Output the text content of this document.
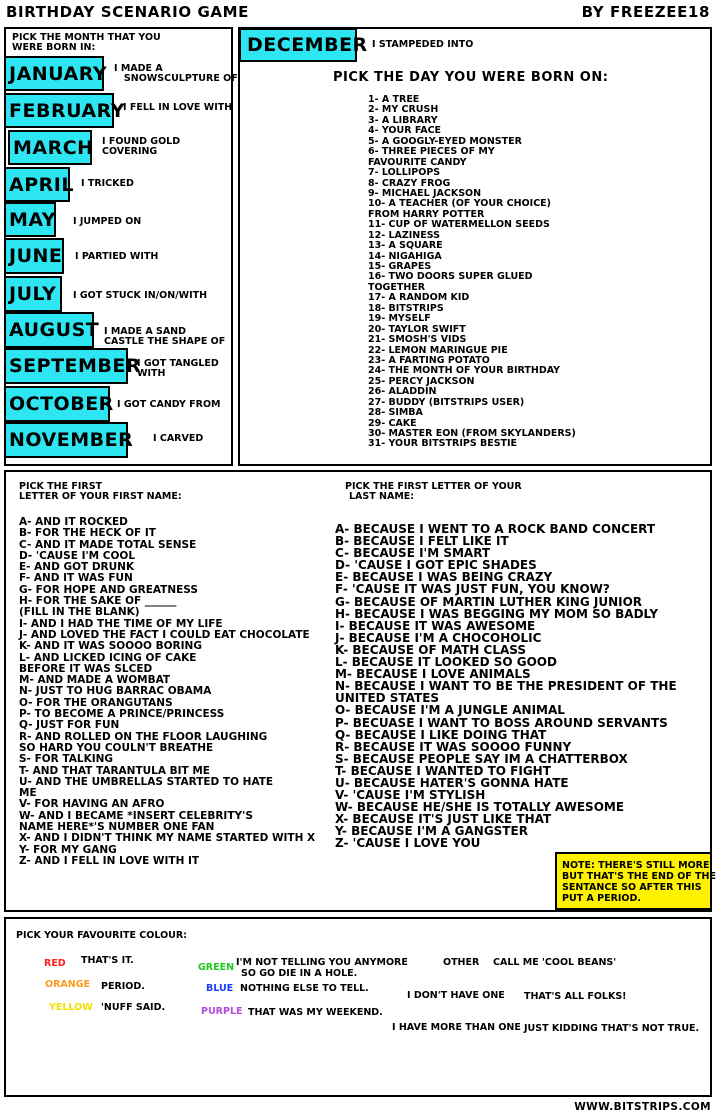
BIRTHDAY SCENARIO GAME	BY FREEZEE18
PICK THE MONTH THAT YOU WERE BORN IN:
JANUARY I MADE A
SNOWSCULPTURE OF
FEBRUARY
I FELL IN LOVE WITH
MARCH I FOUND GOLD
COVERING
APRIL I TRICKED
MAY I JUMPED ON
JUNE I PARTIED WITH
JULY	I GOT STUCK IN/ON/WITH
AUGUST I MADE A SAND
CASTLE THE SHAPE OF
SEPTEMBER
I GOT TANGLED
WITH
OCTOBER I GOT CANDY FROM
NOVEMBER I CARVED
DECEMBER I STAMPEDED INTO
PICK THE DAY YOU WERE BORN ON:
1- A TREE
2- MY CRUSH
3- A LIBRARY
4- YOUR FACE
5- A GOOGLY-EYED MONSTER
6- THREE PIECES OF MY
FAVOURITE CANDY
7- LOLLIPOPS
8- CRAZY FROG
9- MICHAEL JACKSON
10- A TEACHER (OF YOUR CHOICE)
FROM HARRY POTTER
11- CUP OF WATERMELLON SEEDS
12- LAZINESS
13- A SQUARE
14- NIGAHIGA
15- GRAPES
16- TWO DOORS SUPER GLUED
TOGETHER
17- A RANDOM KID
18- BITSTRIPS
19- MYSELF
20- TAYLOR SWIFT
21- SMOSH'S VIDS
22- LEMON MARINGUE PIE
23- A FARTING POTATO
24- THE MONTH OF YOUR BIRTHDAY
25- PERCY JACKSON
26- ALADDIN
27- BUDDY (BITSTRIPS USER)
28- SIMBA
29- CAKE
30- MASTER EON (FROM SKYLANDERS)
31- YOUR BITSTRIPS BESTIE
PICK THE FIRST
LETTER OF YOUR FIRST NAME:
A- AND IT ROCKED
B- FOR THE HECK OF IT
C- AND IT MADE TOTAL SENSE
D- 'CAUSE I'M COOL
E- AND GOT DRUNK
F- AND IT WAS FUN
G- FOR HOPE AND GREATNESS
H- FOR THE SAKE OF ______
(FILL IN THE BLANK)
I- AND I HAD THE TIME OF MY LIFE
J- AND LOVED THE FACT I COULD EAT CHOCOLATE
K- AND IT WAS SOOOO BORING
L- AND LICKED ICING OF CAKE
BEFORE IT WAS SLCED
M- AND MADE A WOMBAT
N- JUST TO HUG BARRAC OBAMA
O- FOR THE ORANGUTANS
P- TO BECOME A PRINCE/PRINCESS
Q- JUST FOR FUN
R- AND ROLLED ON THE FLOOR LAUGHING
SO HARD YOU COULN'T BREATHE
S- FOR TALKING
T- AND THAT TARANTULA BIT ME
U- AND THE UMBRELLAS STARTED TO HATE
ME
V- FOR HAVING AN AFRO
W- AND I BECAME *INSERT CELEBRITY'S
NAME HERE*'S NUMBER ONE FAN
X- AND I DIDN'T THINK MY NAME STARTED WITH X
Y- FOR MY GANG
Z- AND I FELL IN LOVE WITH IT
PICK THE FIRST LETTER OF YOUR
LAST NAME:
A- BECAUSE I WENT TO A ROCK BAND CONCERT
B- BECAUSE I FELT LIKE IT
C- BECAUSE I'M SMART
D- 'CAUSE I GOT EPIC SHADES
E- BECAUSE I WAS BEING CRAZY
F- 'CAUSE IT WAS JUST FUN, YOU KNOW?
G- BECAUSE OF MARTIN LUTHER KING JUNIOR
H- BECAUSE I WAS BEGGING MY MOM SO BADLY
I- BECAUSE IT WAS AWESOME
J- BECAUSE I'M A CHOCOHOLIC
K- BECAUSE OF MATH CLASS
L- BECAUSE IT LOOKED SO GOOD
M- BECAUSE I LOVE ANIMALS
N- BECAUSE I WANT TO BE THE PRESIDENT OF THE
UNITED STATES
O- BECAUSE I'M A JUNGLE ANIMAL
P- BECUASE I WANT TO BOSS AROUND SERVANTS
Q- BECAUSE I LIKE DOING THAT
R- BECAUSE IT WAS SOOOO FUNNY
S- BECAUSE PEOPLE SAY IM A CHATTERBOX
T- BECAUSE I WANTED TO FIGHT
U- BECAUSE HATER'S GONNA HATE
V- 'CAUSE I'M STYLISH
W- BECAUSE HE/SHE IS TOTALLY AWESOME
X- BECAUSE IT'S JUST LIKE THAT
Y- BECAUSE I'M A GANGSTER
Z- 'CAUSE I LOVE YOU
NOTE: THERE'S STILL MORE
BUT THAT'S THE END OF THE
SENTANCE SO AFTER THIS
PUT A PERIOD.
PICK YOUR FAVOURITE COLOUR:
RED THAT'S IT.
ORANGE PERIOD.
YELLOW 'NUFF SAID.
GREEN I'M NOT TELLING YOU ANYMORE
SO GO DIE IN A HOLE.
BLUE NOTHING ELSE TO TELL.
PURPLE THAT WAS MY WEEKEND.
OTHER CALL ME 'COOL BEANS'
I DON'T HAVE ONE THAT'S ALL FOLKS!
I HAVE MORE THAN ONE JUST KIDDING THAT'S NOT TRUE.
WWW.BITSTRIPS.COM
